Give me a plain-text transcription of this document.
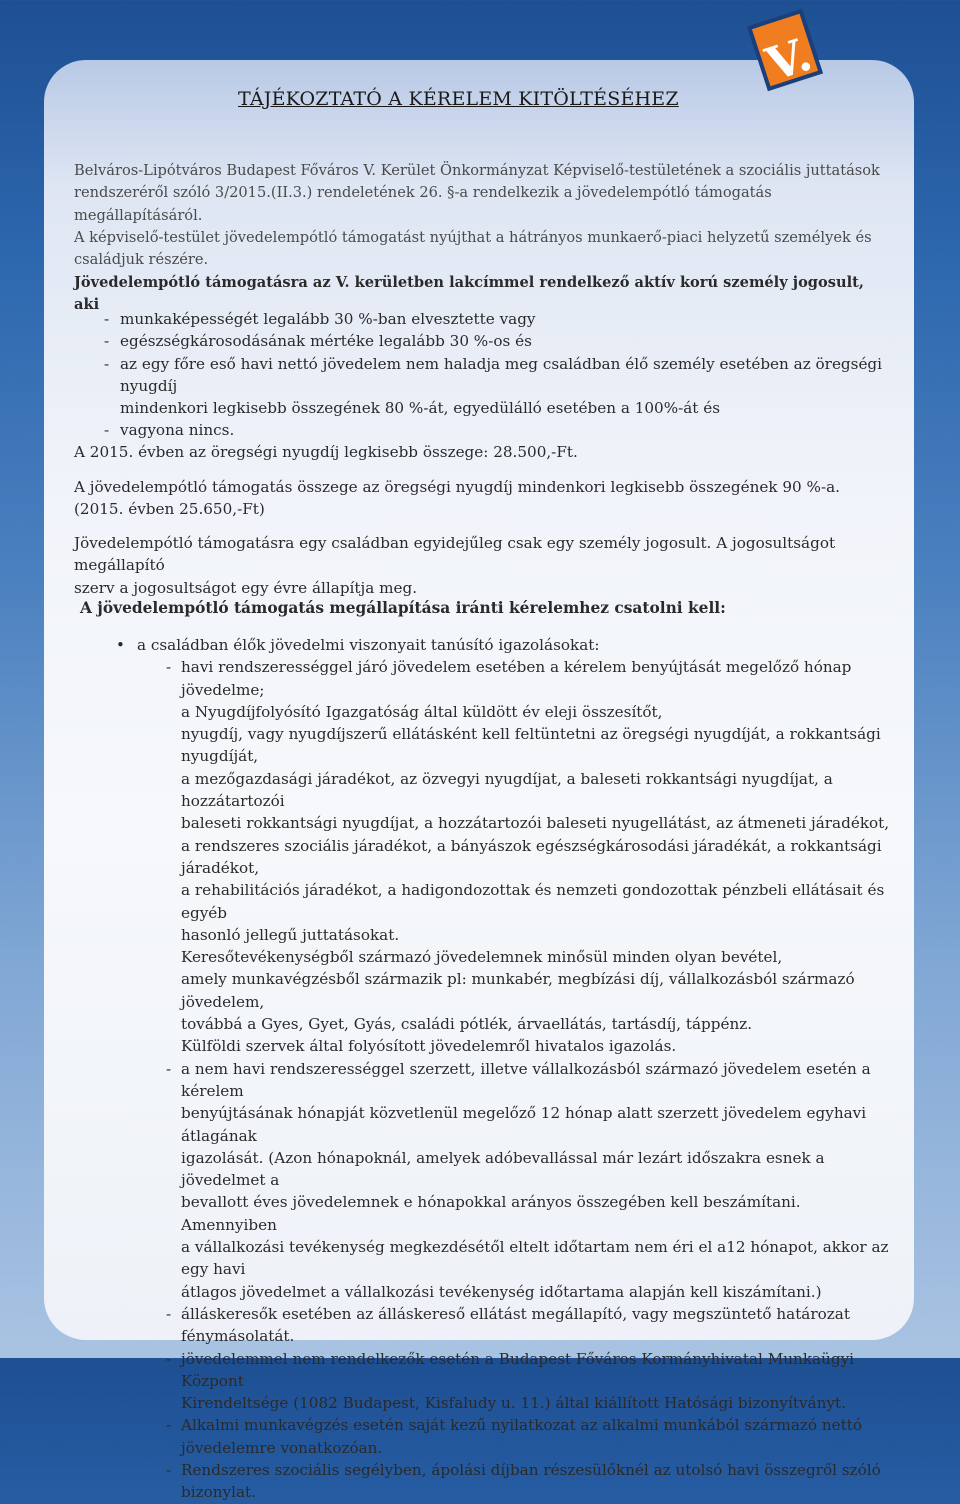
V.
TÁJÉKOZTATÓ A KÉRELEM KITÖLTÉSÉHEZ

Belváros-Lipótváros Budapest Főváros V. Kerület Önkormányzat Képviselő-testületének a szociális juttatások

rendszeréről szóló 3/2015.(II.3.) rendeletének 26. §-a rendelkezik a jövedelempótló támogatás megállapításáról.

A képviselő-testület jövedelempótló támogatást nyújthat a hátrányos munkaerő-piaci helyzetű személyek és

családjuk részére.

Jövedelempótló támogatásra az V. kerületben lakcímmel rendelkező aktív korú személy jogosult, aki

- munkaképességét legalább 30 %-ban elvesztette vagy
- egészségkárosodásának mértéke legalább 30 %-os és
- az egy főre eső havi nettó jövedelem nem haladja meg családban élő személy esetében az öregségi nyugdíj
mindenkori legkisebb összegének 80 %-át, egyedülálló esetében a 100%-át és
- vagyona nincs.

A 2015. évben az öregségi nyugdíj legkisebb összege: 28.500,-Ft.

A jövedelempótló támogatás összege az öregségi nyugdíj mindenkori legkisebb összegének 90 %-a.

(2015. évben 25.650,-Ft)

Jövedelempótló támogatásra egy családban egyidejűleg csak egy személy jogosult. A jogosultságot megállapító

szerv a jogosultságot egy évre állapítja meg.

A jövedelempótló támogatás megállapítása iránti kérelemhez csatolni kell:

• a családban élők jövedelmi viszonyait tanúsító igazolásokat:
- havi rendszerességgel járó jövedelem esetében a kérelem benyújtását megelőző hónap jövedelme;
a Nyugdíjfolyósító Igazgatóság által küldött év eleji összesítőt,
nyugdíj, vagy nyugdíjszerű ellátásként kell feltüntetni az öregségi nyugdíját, a rokkantsági nyugdíját,
a mezőgazdasági járadékot, az özvegyi nyugdíjat, a baleseti rokkantsági nyugdíjat, a hozzátartozói
baleseti rokkantsági nyugdíjat, a hozzátartozói baleseti nyugellátást, az átmeneti járadékot,
a rendszeres szociális járadékot, a bányászok egészségkárosodási járadékát, a rokkantsági járadékot,
a rehabilitációs járadékot, a hadigondozottak és nemzeti gondozottak pénzbeli ellátásait és egyéb
hasonló jellegű juttatásokat.
Keresőtevékenységből származó jövedelemnek minősül minden olyan bevétel,
amely munkavégzésből származik pl: munkabér, megbízási díj, vállalkozásból származó jövedelem,
továbbá a Gyes, Gyet, Gyás, családi pótlék, árvaellátás, tartásdíj, táppénz.
Külföldi szervek által folyósított jövedelemről hivatalos igazolás.
- a nem havi rendszerességgel szerzett, illetve vállalkozásból származó jövedelem esetén a kérelem
benyújtásának hónapját közvetlenül megelőző 12 hónap alatt szerzett jövedelem egyhavi átlagának
igazolását. (Azon hónapoknál, amelyek adóbevallással már lezárt időszakra esnek a jövedelmet a
bevallott éves jövedelemnek e hónapokkal arányos összegében kell beszámítani. Amennyiben
a vállalkozási tevékenység megkezdésétől eltelt időtartam nem éri el a12 hónapot, akkor az egy havi
átlagos jövedelmet a vállalkozási tevékenység időtartama alapján kell kiszámítani.)
- álláskeresők esetében az álláskereső ellátást megállapító, vagy megszüntető határozat
fénymásolatát.
- jövedelemmel nem rendelkezők esetén a Budapest Főváros Kormányhivatal Munkaügyi Központ
Kirendeltsége (1082 Budapest, Kisfaludy u. 11.) által kiállított Hatósági bizonyítványt.
- Alkalmi munkavégzés esetén saját kezű nyilatkozat az alkalmi munkából származó nettó
jövedelemre vonatkozóan.
- Rendszeres szociális segélyben, ápolási díjban részesülőknél az utolsó havi összegről szóló
bizonylat.
